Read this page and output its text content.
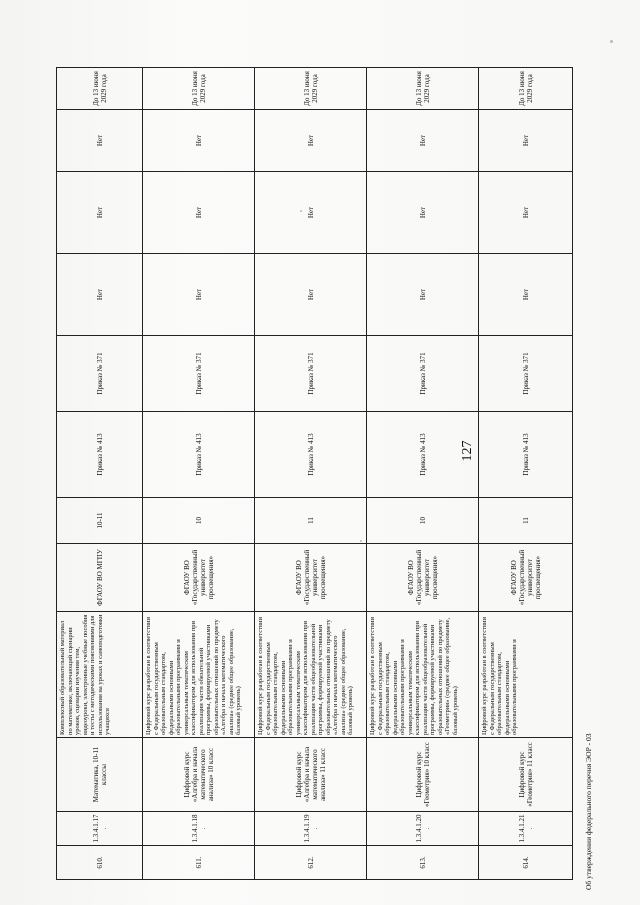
127
610.	1.3.4.1.17.	Математика, 10-11 классы	Комплексный образовательный материал по математике, включающий сценарии уроков, сценарии изучения тем, видеоуроки, электронные учебные пособия и тесты с методическими пояснениями для использования на уроках и самоподготовки учащихся	ФГАОУ ВО МГПУ	10-11	Приказ № 413	Приказ № 371	Нет	Нет	Нет	До 13 июня 2029 года
611.	1.3.4.1.18.	Цифровой курс «Алгебра и начала математического анализа» 10 класс	Цифровой курс разработан в соответствии с Федеральным государственным образовательным стандартом, федеральными основными образовательными программами и универсальным тематическим классификатором для использования при реализации части обязательной программы, формируемой участниками образовательных отношений по предмету «Алгебра и начала математического анализа» (среднее общее образование, базовый уровень)	ФГАОУ ВО «Государственный университет просвещения»	10	Приказ № 413	Приказ № 371	Нет	Нет	Нет	До 13 июня 2029 года
612.	1.3.4.1.19.	Цифровой курс «Алгебра и начала математического анализа» 11 класс	Цифровой курс разработан в соответствии с Федеральным государственным образовательным стандартом, федеральными основными образовательными программами и универсальным тематическим классификатором для использования при реализации части общеобразовательной программы, формируемой участниками образовательных отношений по предмету «Алгебра и начала математического анализа» (среднее общее образование, базовый уровень)	ФГАОУ ВО «Государственный университет просвещения»	11	Приказ № 413	Приказ № 371	Нет	Нет	Нет	До 13 июня 2029 года
613.	1.3.4.1.20.	Цифровой курс «Геометрия» 10 класс	Цифровой курс разработан в соответствии с Федеральным государственным образовательным стандартом, федеральными основными образовательными программами и универсальным тематическим классификатором для использования при реализации части общеобразовательной программы, формируемой участниками образовательных отношений по предмету «Геометрия» (среднее общее образование, базовый уровень)	ФГАОУ ВО «Государственный университет просвещения»	10	Приказ № 413	Приказ № 371	Нет	Нет	Нет	До 13 июня 2029 года
614.	1.3.4.1.21.	Цифровой курс «Геометрия» 11 класс	Цифровой курс разработан в соответствии с Федеральным государственным образовательным стандартом, федеральными основными образовательными программами и	ФГАОУ ВО «Государственный университет просвещения»	11	Приказ № 413	Приказ № 371	Нет	Нет	Нет	До 13 июня 2029 года
Об утверждении федерального перечня ЭОР - 03
